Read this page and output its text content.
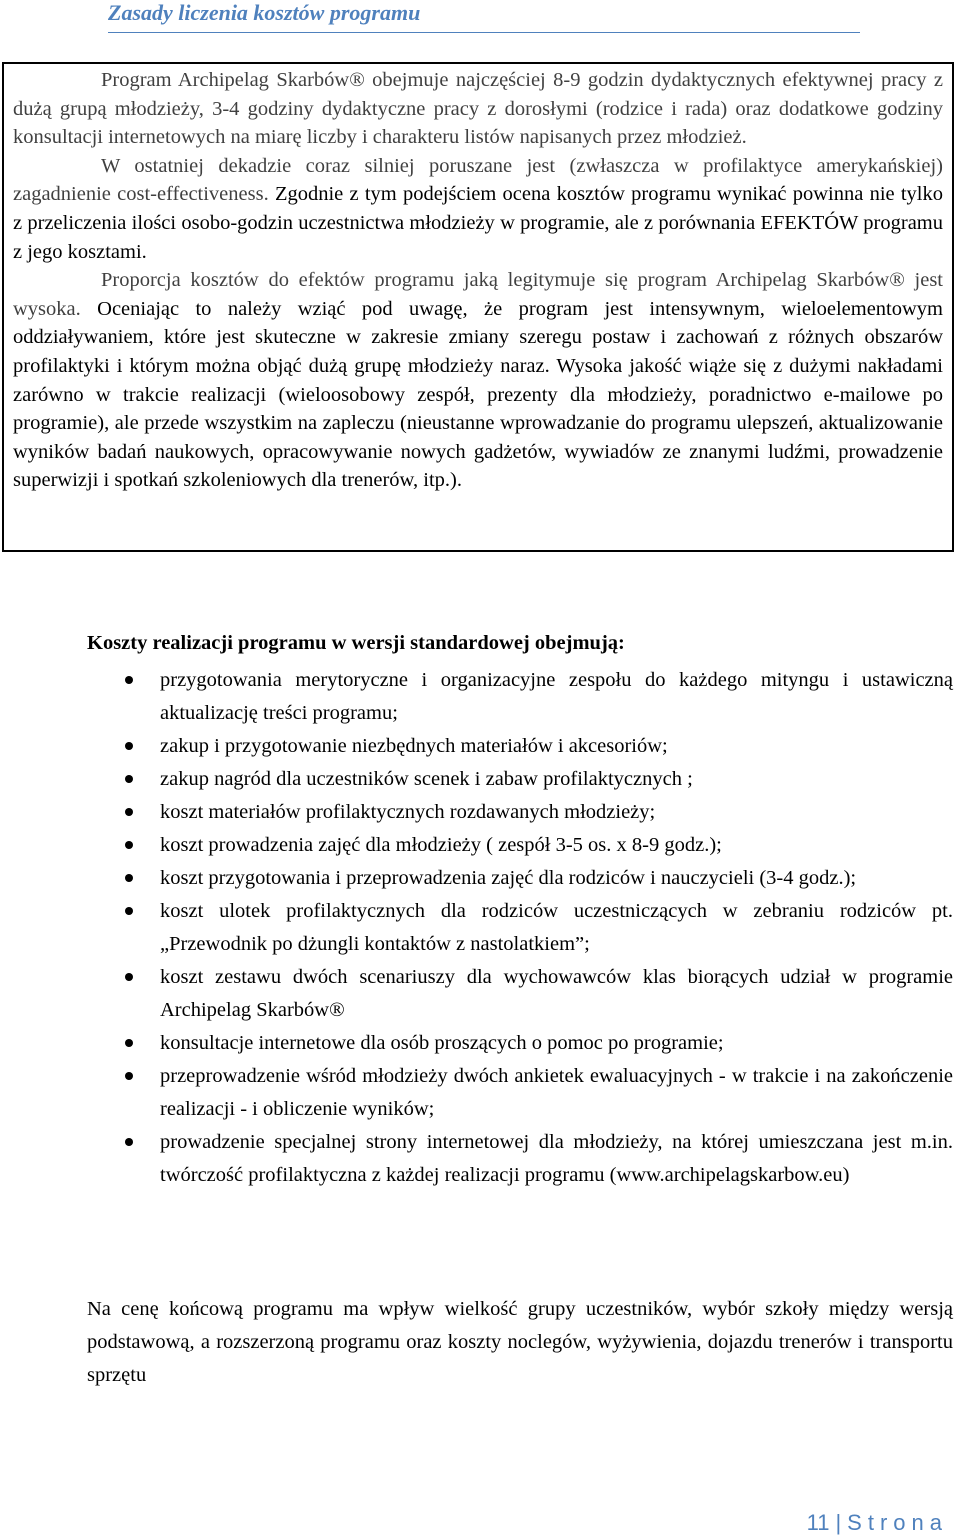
Zasady liczenia kosztów programu

Program Archipelag Skarbów® obejmuje najczęściej 8-9 godzin dydaktycznych efektywnej pracy z dużą grupą młodzieży, 3-4 godziny dydaktyczne pracy z dorosłymi (rodzice i rada) oraz dodatkowe godziny konsultacji internetowych na miarę liczby i charakteru listów napisanych przez młodzież.

W ostatniej dekadzie coraz silniej poruszane jest (zwłaszcza w profilaktyce amerykańskiej) zagadnienie cost-effectiveness. Zgodnie z tym podejściem ocena kosztów programu wynikać powinna nie tylko z przeliczenia ilości osobo-godzin uczestnictwa młodzieży w programie, ale z porównania EFEKTÓW programu z jego kosztami.

Proporcja kosztów do efektów programu jaką legitymuje się program Archipelag Skarbów® jest wysoka. Oceniając to należy wziąć pod uwagę, że program jest intensywnym, wieloelementowym oddziaływaniem, które jest skuteczne w zakresie zmiany szeregu postaw i zachowań z różnych obszarów profilaktyki i którym można objąć dużą grupę młodzieży naraz. Wysoka jakość wiąże się z dużymi nakładami zarówno w trakcie realizacji (wieloosobowy zespół, prezenty dla młodzieży, poradnictwo e-mailowe po programie), ale przede wszystkim na zapleczu (nieustanne wprowadzanie do programu ulepszeń, aktualizowanie wyników badań naukowych, opracowywanie nowych gadżetów, wywiadów ze znanymi ludźmi, prowadzenie superwizji i spotkań szkoleniowych dla trenerów, itp.).

Koszty realizacji programu w wersji standardowej obejmują:
przygotowania merytoryczne i organizacyjne zespołu do każdego mityngu i ustawiczną aktualizację treści programu;
zakup i przygotowanie niezbędnych materiałów i akcesoriów;
zakup nagród dla uczestników scenek i zabaw profilaktycznych ;
koszt materiałów profilaktycznych rozdawanych młodzieży;
koszt prowadzenia zajęć dla młodzieży ( zespół 3-5 os. x 8-9 godz.);
koszt przygotowania i przeprowadzenia zajęć dla rodziców i nauczycieli (3-4 godz.);
koszt ulotek profilaktycznych dla rodziców uczestniczących w zebraniu rodziców pt. „Przewodnik po dżungli kontaktów z nastolatkiem”;
koszt zestawu dwóch scenariuszy dla wychowawców klas biorących udział w programie Archipelag Skarbów®
konsultacje internetowe dla osób proszących o pomoc po programie;
przeprowadzenie wśród młodzieży dwóch ankietek ewaluacyjnych - w trakcie i na zakończenie realizacji - i obliczenie wyników;
prowadzenie specjalnej strony internetowej dla młodzieży, na której umieszczana jest m.in. twórczość profilaktyczna z każdej realizacji programu (www.archipelagskarbow.eu)

Na cenę końcową programu ma wpływ wielkość grupy uczestników, wybór szkoły między wersją podstawową, a rozszerzoną programu oraz koszty noclegów, wyżywienia, dojazdu trenerów i transportu sprzętu

11 | Strona
